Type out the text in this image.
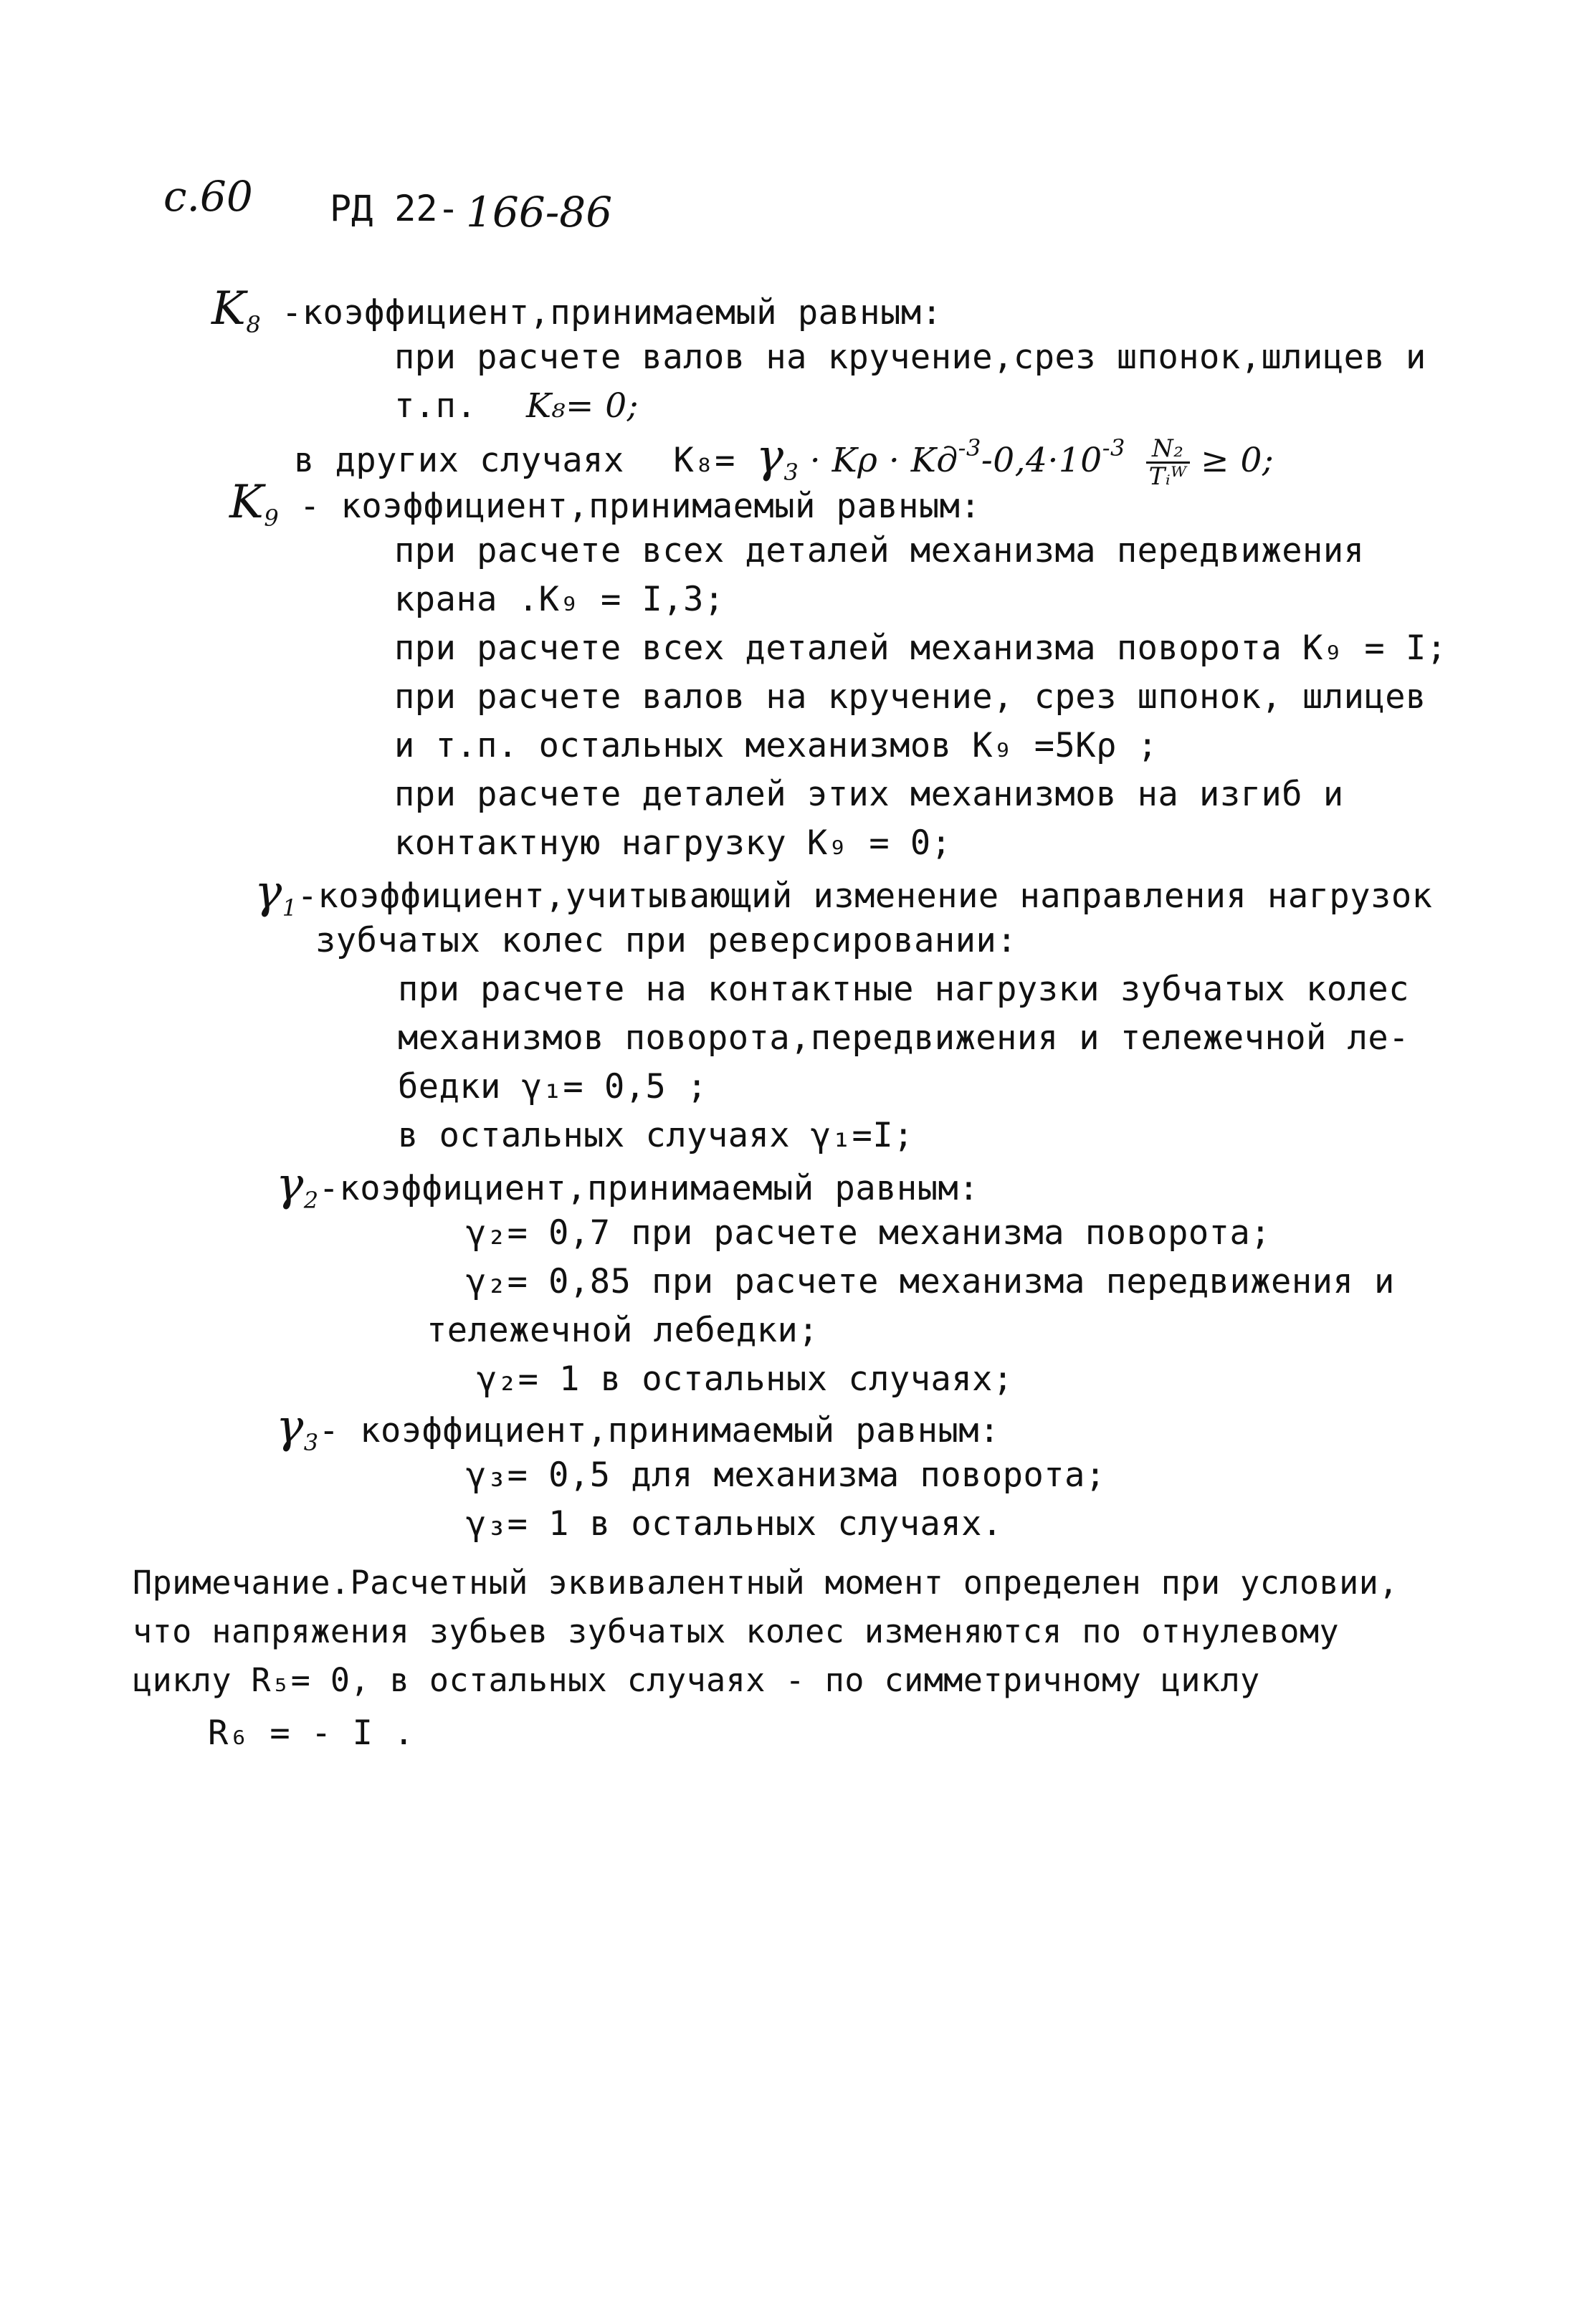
с.60 РД 22- 166-86
$K_8$ -коэффициент,принимаемый равным:
при расчете валов на кручение,срез шпонок,шлицев и
т.п. K₈= 0;
в других случаях $K_8= \gamma_3 \cdot K\rho \cdot Kд^{-3}-0,4\cdot 10^{-3} \frac{\text{N₂}}{\text{Tᵢᵂ}} \ge 0$;
$K_9$ - коэффициент,принимаемый равным:
при расчете всех деталей механизма передвижения
крана .K₉ = I,3;
при расчете всех деталей механизма поворота K₉ = I;
при расчете валов на кручение, срез шпонок, шлицев
и т.п. остальных механизмов K₉ =5Kρ ;
при расчете деталей этих механизмов на изгиб и
контактную нагрузку K₉ = 0;
$\gamma_1-коэффициент,учитывающий$ изменение направления нагрузок
зубчатых колес при реверсировании:
при расчете на контактные нагрузки зубчатых колес
механизмов поворота,передвижения и тележечной ле-
бедки γ₁= 0,5 ;
в остальных случаях γ₁=I;
$\gamma_2-коэффициент,принимаемый$ равным:
γ₂= 0,7 при расчете механизма поворота;
γ₂= 0,85 при расчете механизма передвижения и
тележечной лебедки;
γ₂= 1 в остальных случаях;
$\gamma_3-$ коэффициент,принимаемый равным:
γ₃= 0,5 для механизма поворота;
γ₃= 1 в остальных случаях.
Примечание.Расчетный эквивалентный момент определен при условии,
что напряжения зубьев зубчатых колес изменяются по отнулевому
циклу R₅= 0, в остальных случаях - по симметричному циклу
R₆ = - I .
